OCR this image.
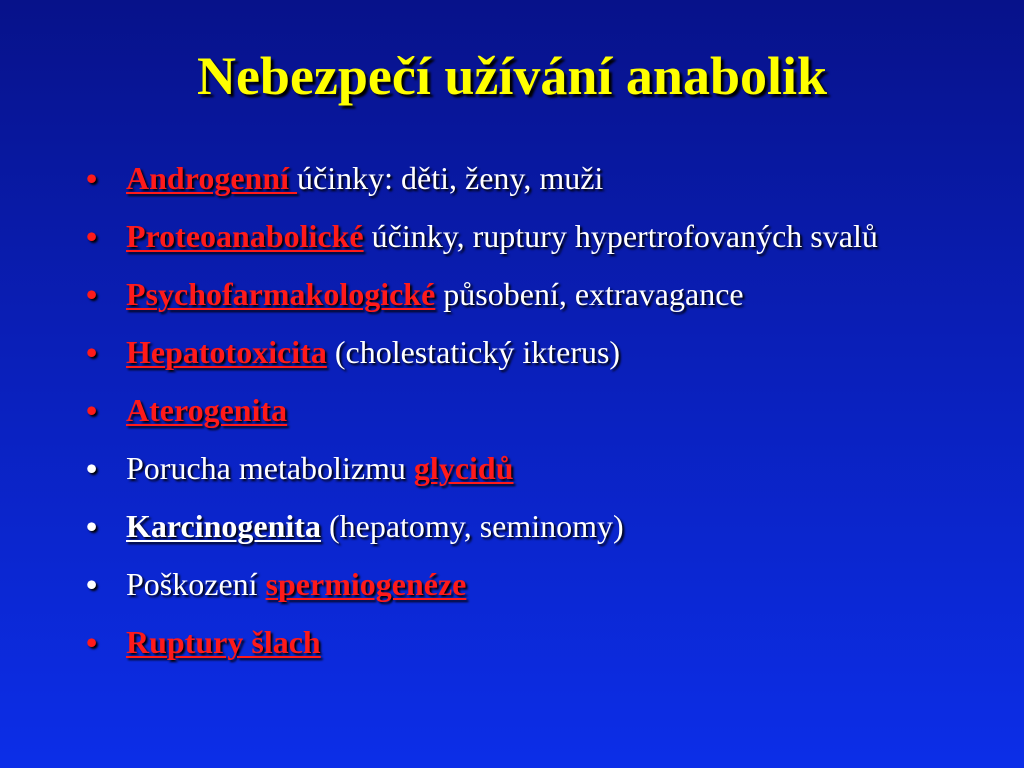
Nebezpečí užívání anabolik
• Androgenní účinky: děti, ženy, muži
• Proteoanabolické účinky, ruptury hypertrofovaných svalů
• Psychofarmakologické působení, extravagance
• Hepatotoxicita (cholestatický ikterus)
• Aterogenita
• Porucha metabolizmu glycidů
• Karcinogenita (hepatomy, seminomy)
• Poškození spermiogenéze
• Ruptury šlach
